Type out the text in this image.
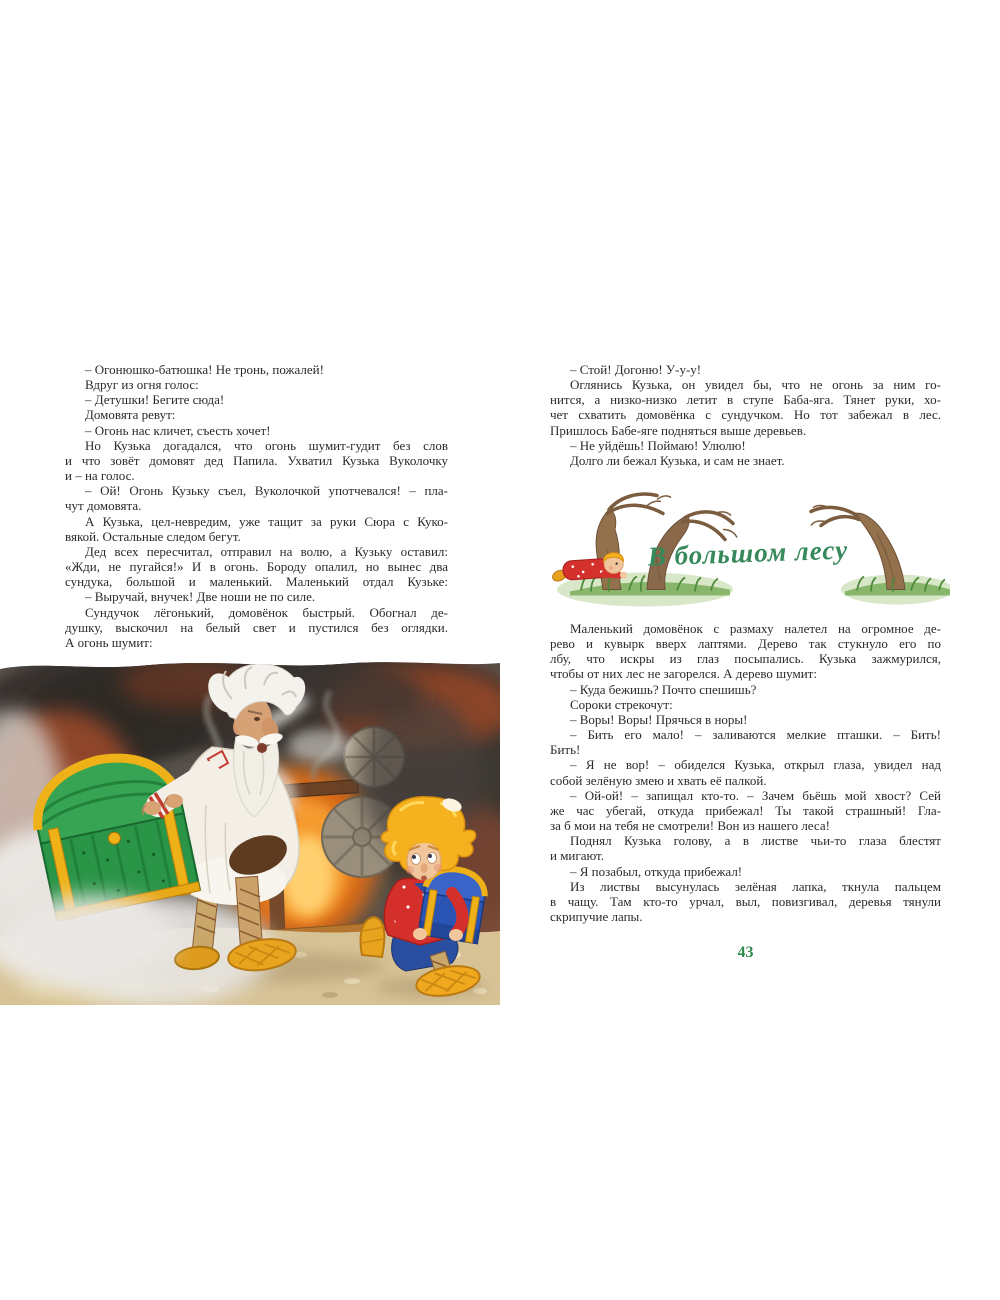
– Огонюшко-батюшка! Не тронь, пожалей!
Вдруг из огня голос:
– Детушки! Бегите сюда!
Домовята ревут:
– Огонь нас кличет, съесть хочет!
Но Кузька догадался, что огонь шумит-гудит без слов
и что зовёт домовят дед Папила. Ухватил Кузька Вуколочку
и – на голос.
– Ой! Огонь Кузьку съел, Вуколочкой употчевался! – пла-
чут домовята.
А Кузька, цел-невредим, уже тащит за руки Сюра с Куко-
вякой. Остальные следом бегут.
Дед всех пересчитал, отправил на волю, а Кузьку оставил:
«Жди, не пугайся!» И в огонь. Бороду опалил, но вынес два
сундука, большой и маленький. Маленький отдал Кузьке:
– Выручай, внучек! Две ноши не по силе.
Сундучок лёгонький, домовёнок быстрый. Обогнал де-
душку, выскочил на белый свет и пустился без оглядки.
А огонь шумит:
– Стой! Догоню! У-у-у!
Оглянись Кузька, он увидел бы, что не огонь за ним го-
нится, а низко-низко летит в ступе Баба-яга. Тянет руки, хо-
чет схватить домовёнка с сундучком. Но тот забежал в лес.
Пришлось Бабе-яге подняться выше деревьев.
– Не уйдёшь! Поймаю! Улюлю!
Долго ли бежал Кузька, и сам не знает.
В большом лесу
Маленький домовёнок с размаху налетел на огромное де-
рево и кувырк вверх лаптями. Дерево так стукнуло его по
лбу, что искры из глаз посыпались. Кузька зажмурился,
чтобы от них лес не загорелся. А дерево шумит:
– Куда бежишь? Почто спешишь?
Сороки стрекочут:
– Воры! Воры! Прячься в норы!
– Бить его мало! – заливаются мелкие пташки. – Бить!
Бить!
– Я не вор! – обиделся Кузька, открыл глаза, увидел над
собой зелёную змею и хвать её палкой.
– Ой-ой! – запищал кто-то. – Зачем бьёшь мой хвост? Сей
же час убегай, откуда прибежал! Ты такой страшный! Гла-
за б мои на тебя не смотрели! Вон из нашего леса!
Поднял Кузька голову, а в листве чьи-то глаза блестят
и мигают.
– Я позабыл, откуда прибежал!
Из листвы высунулась зелёная лапка, ткнула пальцем
в чащу. Там кто-то урчал, выл, повизгивал, деревья тянули
скрипучие лапы.
43
